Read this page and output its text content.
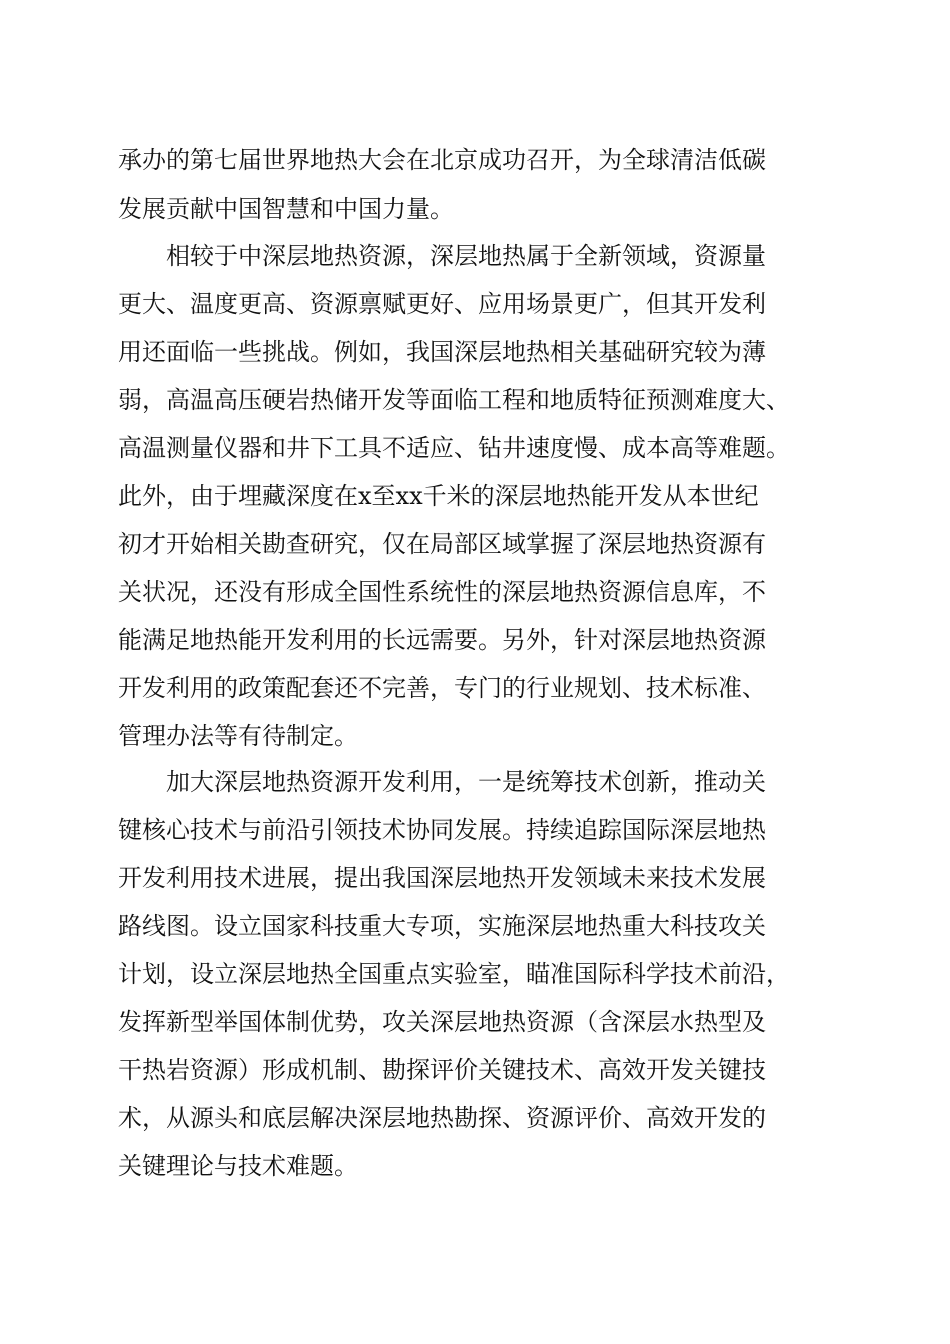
承办的第七届世界地热大会在北京成功召开，为全球清洁低碳
发展贡献中国智慧和中国力量。
相较于中深层地热资源，深层地热属于全新领域，资源量
更大、温度更高、资源禀赋更好、应用场景更广，但其开发利
用还面临一些挑战。例如，我国深层地热相关基础研究较为薄
弱，高温高压硬岩热储开发等面临工程和地质特征预测难度大、
高温测量仪器和井下工具不适应、钻井速度慢、成本高等难题。
此外，由于埋藏深度在x至xx千米的深层地热能开发从本世纪
初才开始相关勘查研究，仅在局部区域掌握了深层地热资源有
关状况，还没有形成全国性系统性的深层地热资源信息库，不
能满足地热能开发利用的长远需要。另外，针对深层地热资源
开发利用的政策配套还不完善，专门的行业规划、技术标准、
管理办法等有待制定。
加大深层地热资源开发利用，一是统筹技术创新，推动关
键核心技术与前沿引领技术协同发展。持续追踪国际深层地热
开发利用技术进展，提出我国深层地热开发领域未来技术发展
路线图。设立国家科技重大专项，实施深层地热重大科技攻关
计划，设立深层地热全国重点实验室，瞄准国际科学技术前沿，
发挥新型举国体制优势，攻关深层地热资源（含深层水热型及
干热岩资源）形成机制、勘探评价关键技术、高效开发关键技
术，从源头和底层解决深层地热勘探、资源评价、高效开发的
关键理论与技术难题。
